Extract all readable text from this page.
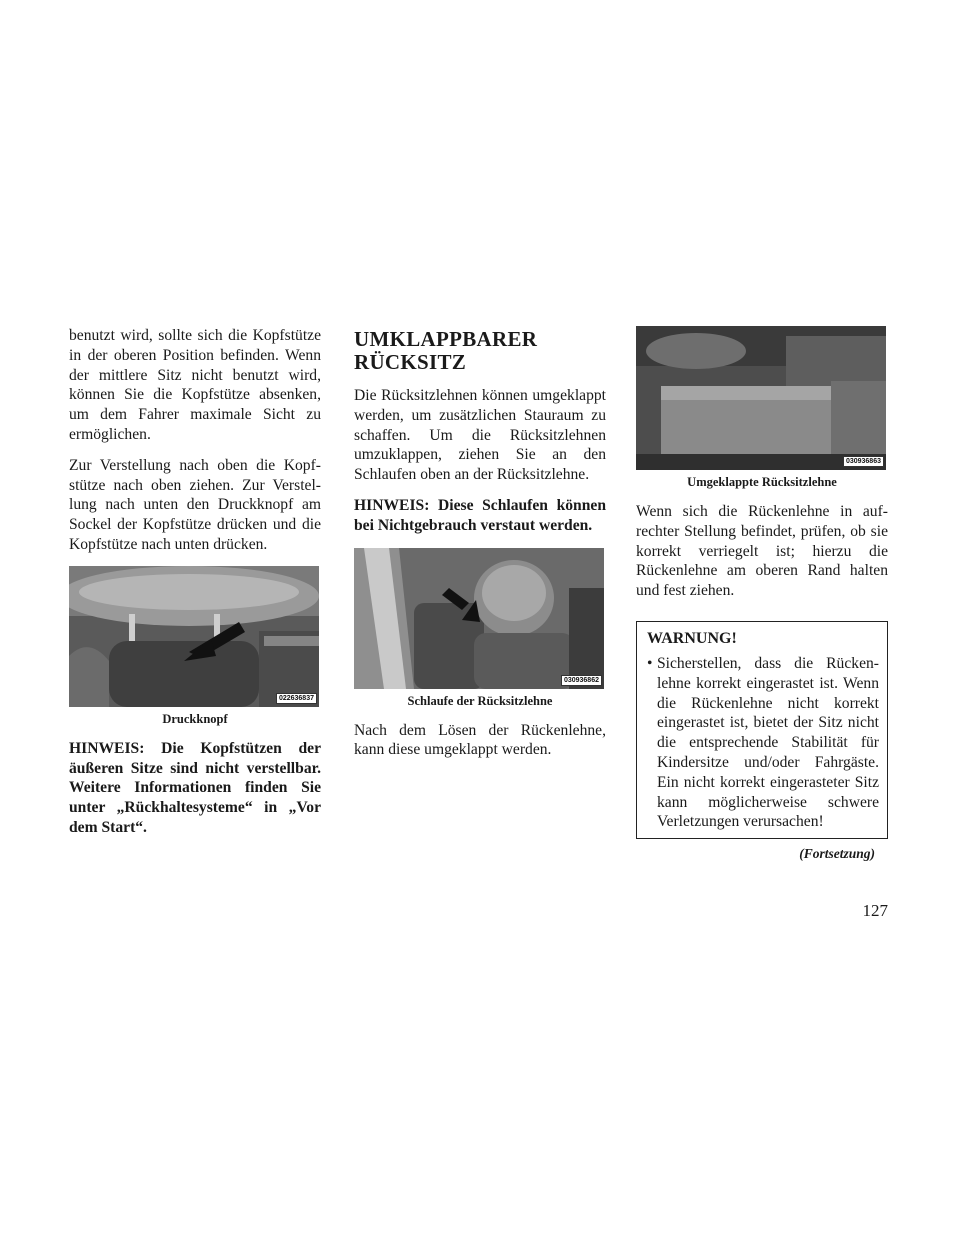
benutzt wird, sollte sich die Kopfstütze in der oberen Position befinden. Wenn der mittlere Sitz nicht benutzt wird, können Sie die Kopfstütze absenken, um dem Fahrer maximale Sicht zu ermöglichen.

Zur Verstellung nach oben die Kopfstütze nach oben ziehen. Zur Verstellung nach unten den Druckknopf am Sockel der Kopfstütze drücken und die Kopfstütze nach unten drücken.

022636837
Druckknopf

HINWEIS: Die Kopfstützen der äußeren Sitze sind nicht verstellbar. Weitere Informationen finden Sie unter „Rückhaltesysteme“ in „Vor dem Start“.

UMKLAPPBARER
RÜCKSITZ

Die Rücksitzlehnen können umgeklappt werden, um zusätzlichen Stauraum zu schaffen. Um die Rücksitzlehnen umzuklappen, ziehen Sie an den Schlaufen oben an der Rücksitzlehne.

HINWEIS: Diese Schlaufen können bei Nichtgebrauch verstaut werden.

030936862
Schlaufe der Rücksitzlehne

Nach dem Lösen der Rückenlehne, kann diese umgeklappt werden.

030936863
Umgeklappte Rücksitzlehne

Wenn sich die Rückenlehne in aufrechter Stellung befindet, prüfen, ob sie korrekt verriegelt ist; hierzu die Rückenlehne am oberen Rand halten und fest ziehen.

WARNUNG!
• Sicherstellen, dass die Rückenlehne korrekt eingerastet ist. Wenn die Rückenlehne nicht korrekt eingerastet ist, bietet der Sitz nicht die entsprechende Stabilität für Kindersitze und/oder Fahrgäste. Ein nicht korrekt eingerasteter Sitz kann möglicherweise schwere Verletzungen verursachen!
(Fortsetzung)
127
